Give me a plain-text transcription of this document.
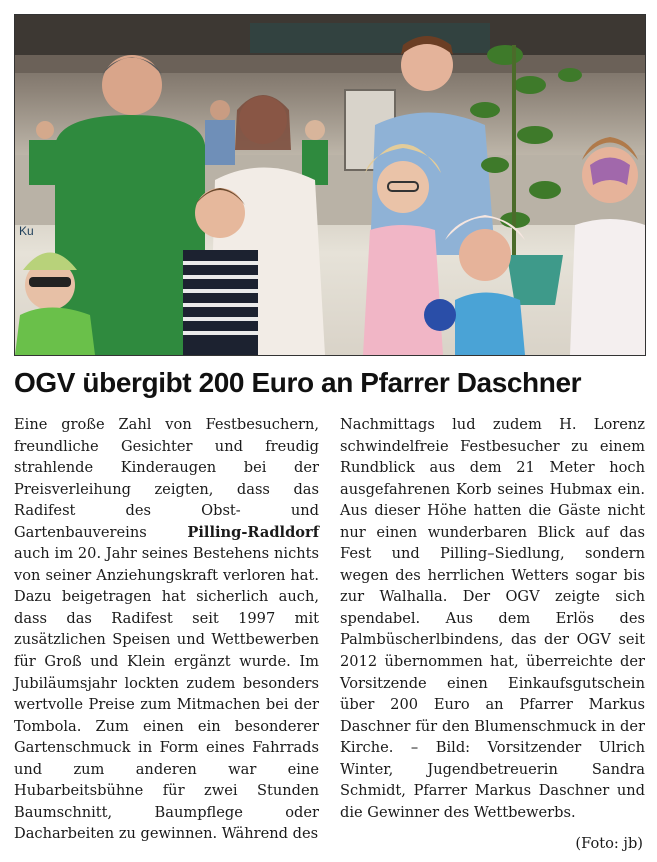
Ku
OGV übergibt 200 Euro an Pfarrer Daschner

Eine große Zahl von Festbesuchern, freundliche Gesichter und freudig strahlende Kinderaugen bei der Preisverleihung zeigten, dass das Radifest des Obst- und Gartenbauvereins Pilling-Radldorf auch im 20. Jahr seines Bestehens nichts von seiner Anziehungskraft verloren hat. Dazu beigetragen hat sicherlich auch, dass das Radifest seit 1997 mit zusätzlichen Speisen und Wettbewerben für Groß und Klein ergänzt wurde. Im Jubiläumsjahr lockten zudem besonders wertvolle Preise zum Mitmachen bei der Tombola. Zum einen ein besonderer Gartenschmuck in Form eines Fahrrads und zum anderen war eine Hubarbeitsbühne für zwei Stunden Baumschnitt, Baumpflege oder Dacharbeiten zu gewinnen. Während des

Nachmittags lud zudem H. Lorenz schwindelfreie Festbesucher zu einem Rundblick aus dem 21 Meter hoch ausgefahrenen Korb seines Hubmax ein. Aus dieser Höhe hatten die Gäste nicht nur einen wunderbaren Blick auf das Fest und Pilling–Siedlung, sondern wegen des herrlichen Wetters sogar bis zur Walhalla. Der OGV zeigte sich spendabel. Aus dem Erlös des Palmbüscherlbindens, das der OGV seit 2012 übernommen hat, überreichte der Vorsitzende einen Einkaufsgutschein über 200 Euro an Pfarrer Markus Daschner für den Blumenschmuck in der Kirche. – Bild: Vorsitzender Ulrich Winter, Jugendbetreuerin Sandra Schmidt, Pfarrer Markus Daschner und die Gewinner des Wettbewerbs.

(Foto: jb)
